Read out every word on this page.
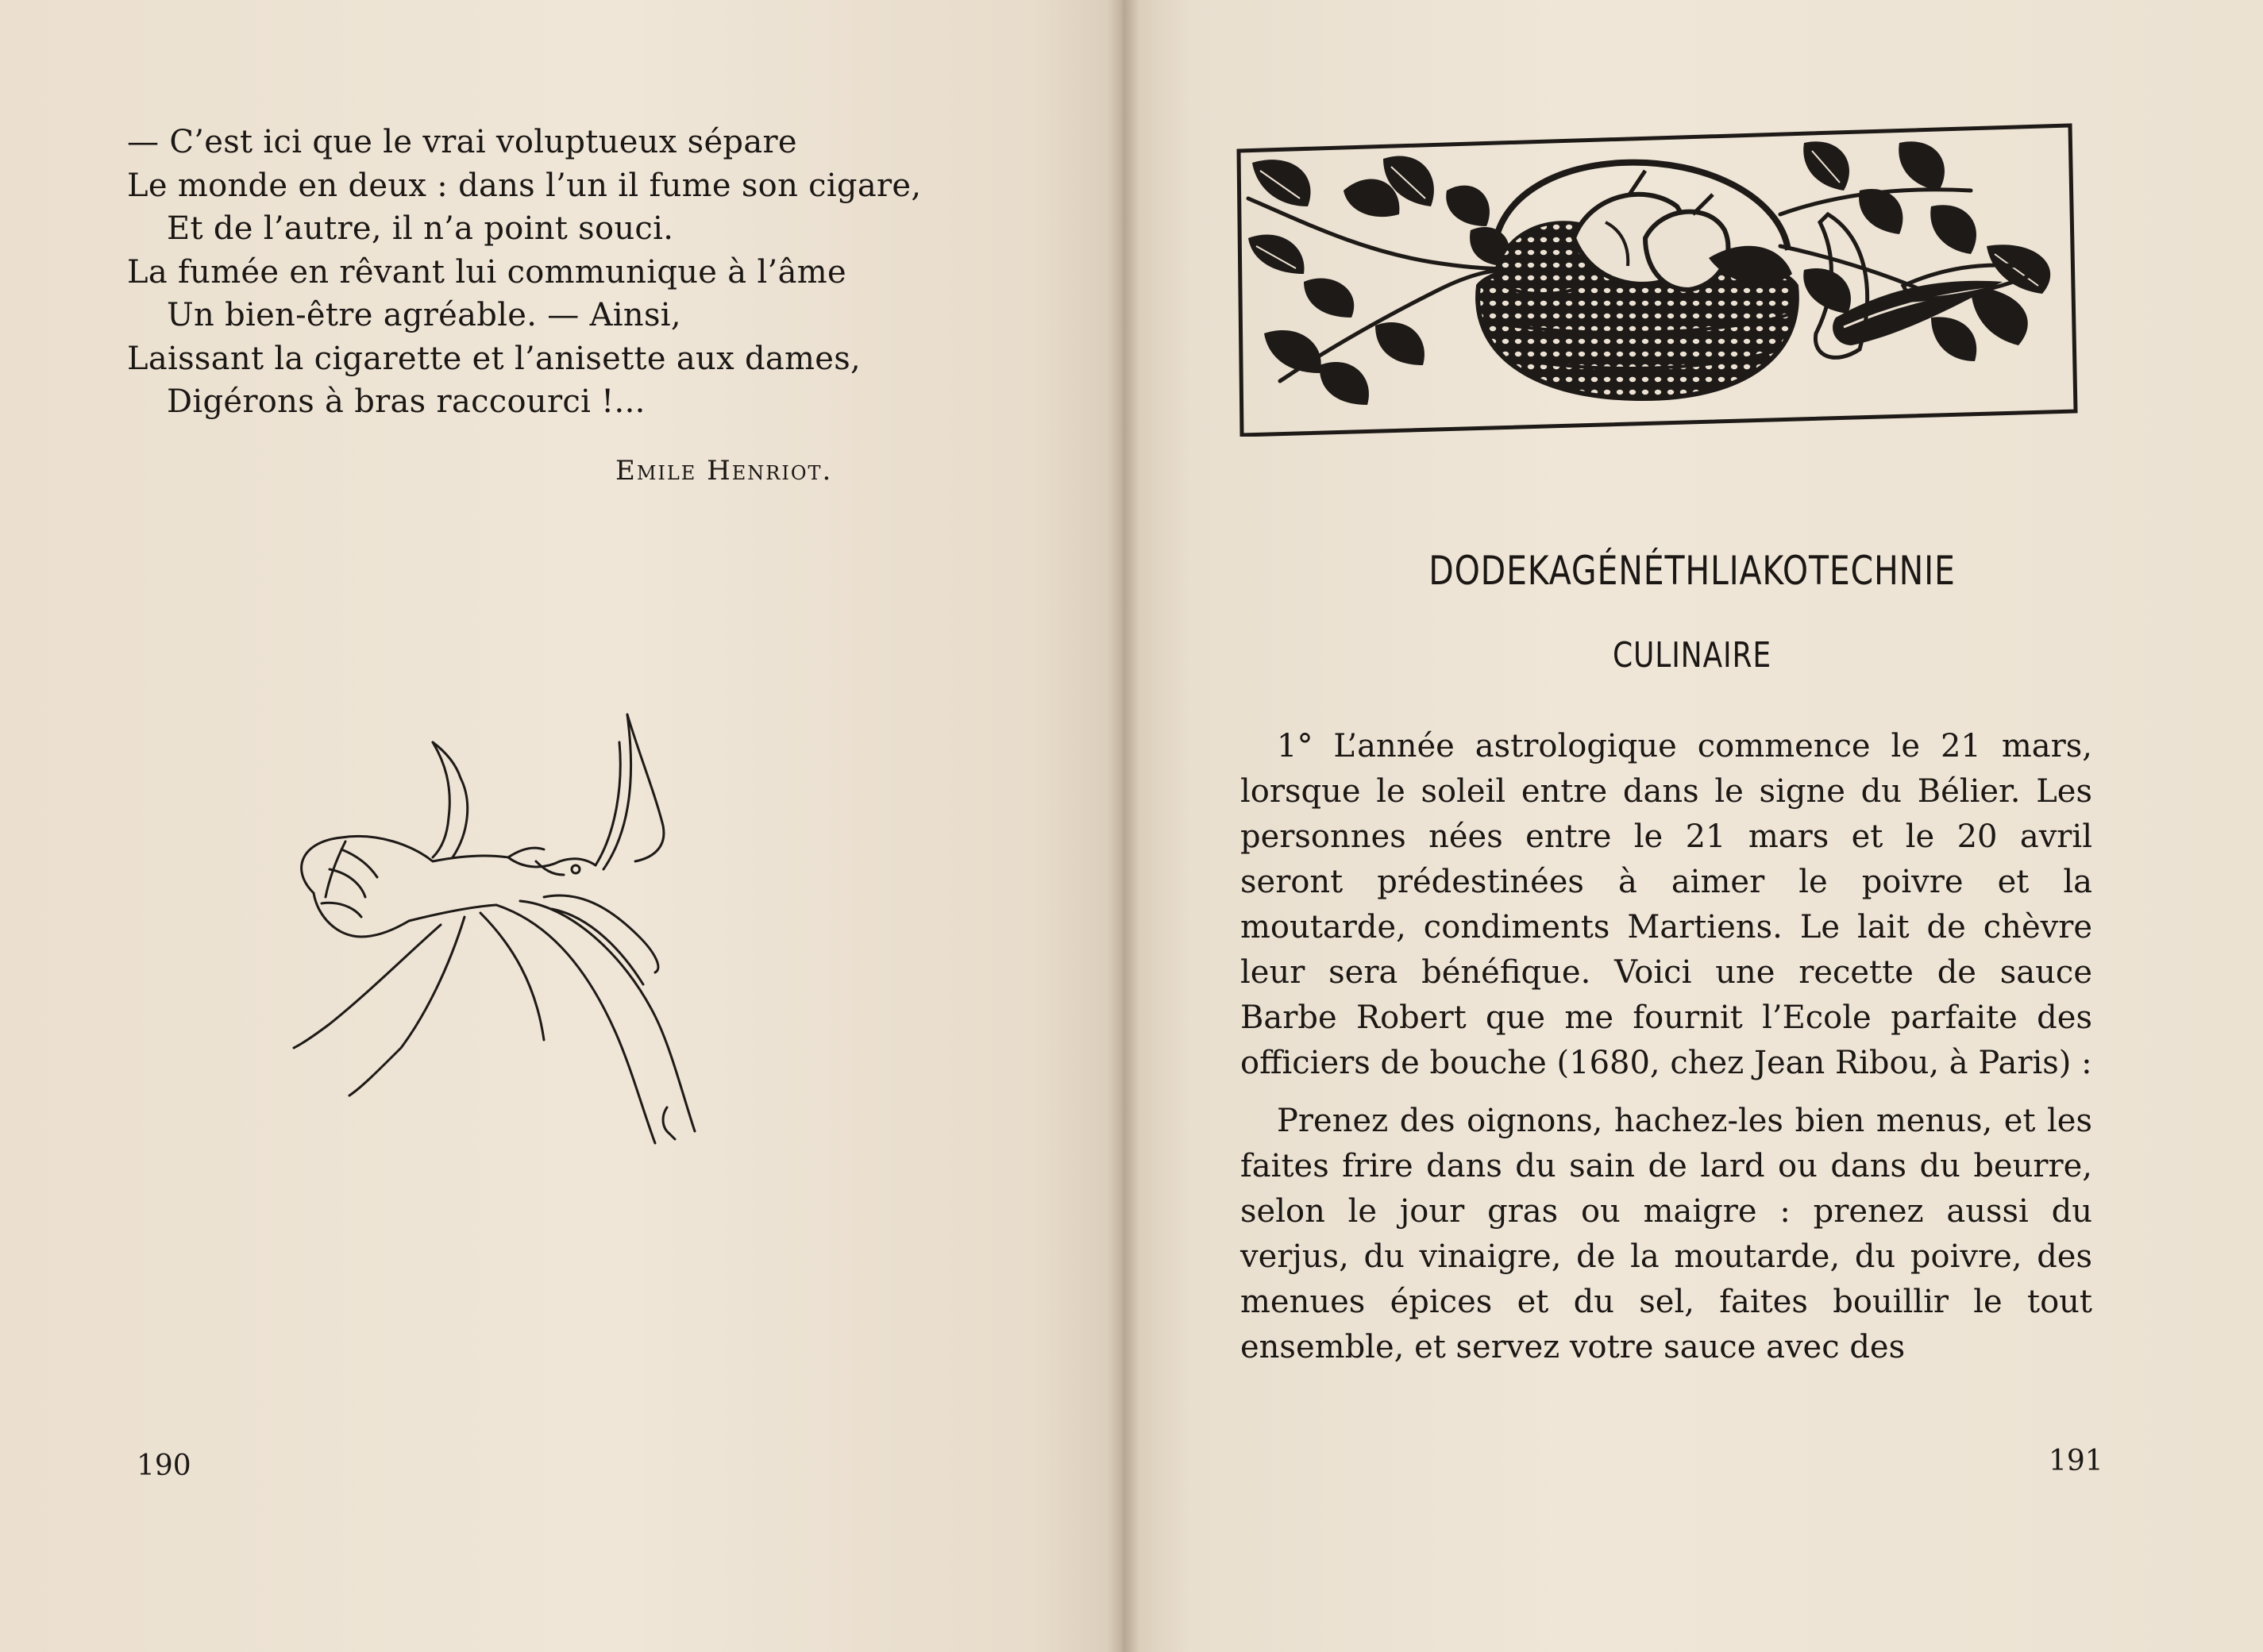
— C’est ici que le vrai voluptueux sépare
Le monde en deux : dans l’un il fume son cigare,
Et de l’autre, il n’a point souci.
La fumée en rêvant lui communique à l’âme
Un bien-être agréable. — Ainsi,
Laissant la cigarette et l’anisette aux dames,
Digérons à bras raccourci !...
Emile Henriot.
190
DODEKAGÉNÉTHLIAKOTECHNIE
CULINAIRE

1° L’année astrologique commence le 21 mars, lorsque le soleil entre dans le signe du Bélier. Les personnes nées entre le 21 mars et le 20 avril seront prédestinées à aimer le poivre et la moutarde, condiments Martiens. Le lait de chèvre leur sera bénéfique. Voici une recette de sauce Barbe Robert que me fournit l’Ecole parfaite des officiers de bouche (1680, chez Jean Ribou, à Paris) :

Prenez des oignons, hachez-les bien menus, et les faites frire dans du sain de lard ou dans du beurre, selon le jour gras ou maigre : prenez aussi du verjus, du vinaigre, de la moutarde, du poivre, des menues épices et du sel, faites bouillir le tout ensemble, et servez votre sauce avec des

191
